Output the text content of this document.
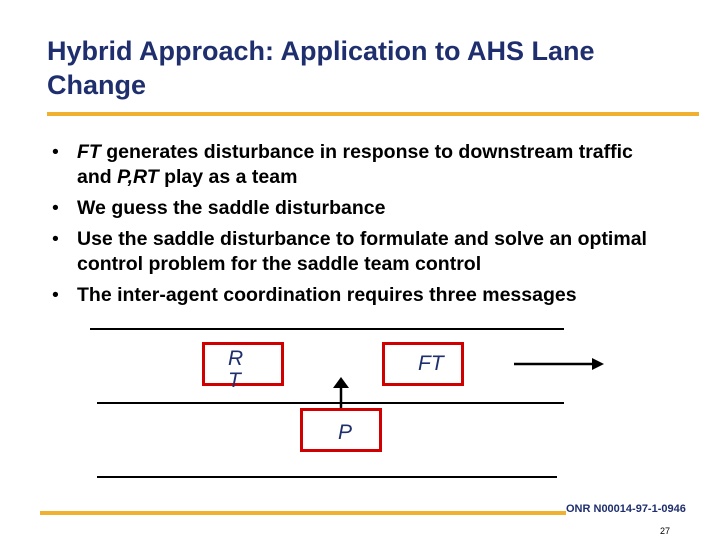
Hybrid Approach: Application to AHS Lane Change
• FT generates disturbance in response to downstream traffic and P,RT play as a team
• We guess the saddle disturbance
• Use the saddle disturbance to formulate and solve an optimal control problem for the saddle team control
• The inter-agent coordination requires three messages
R
T
FT
P
ONR N00014-97-1-0946
27
